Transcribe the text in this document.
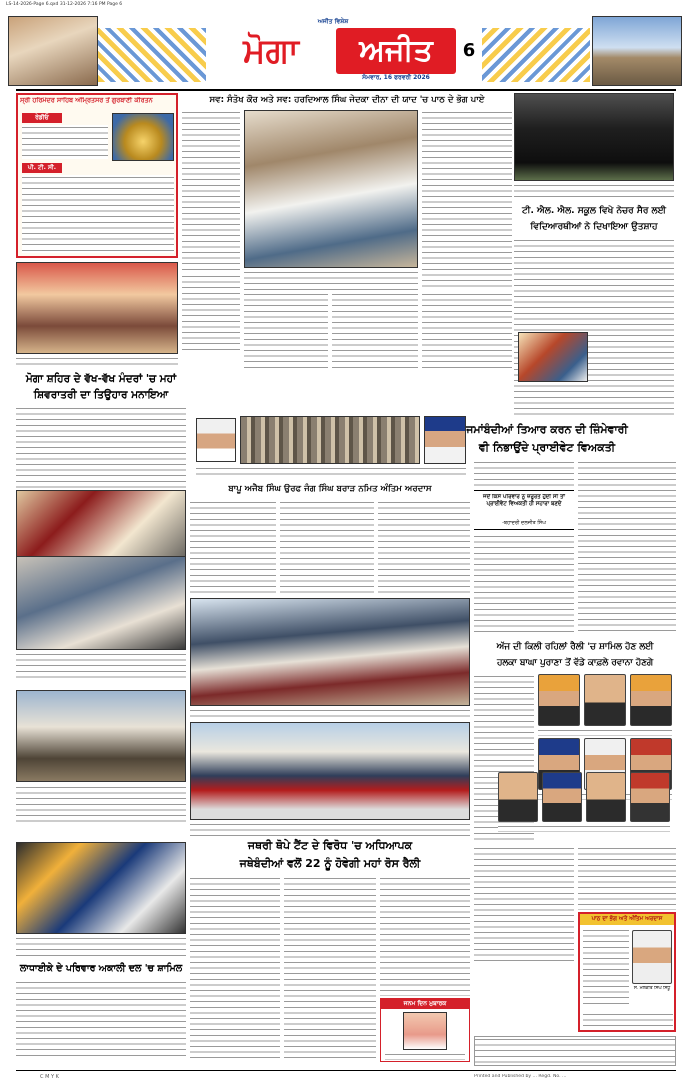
LS-14-2026-Page 6.qxd 31-12-2026 7:16 PM Page 6
ਅਜੀਤ ਵਿਸ਼ੇਸ਼
ਮੋਗਾ	ਅਜੀਤ
ਸੋਮਵਾਰ, 16 ਫਰਵਰੀ 2026
6
ਸ੍ਰੀ ਹਰਿਮੰਦਰ ਸਾਹਿਬ ਅੰਮ੍ਰਿਤਸਰ ਤੋਂ ਗੁਰਬਾਣੀ ਕੀਰਤਨ
ਰੇਡੀਓ
ਪੀ. ਟੀ. ਸੀ.
ਮੋਗਾ ਸ਼ਹਿਰ ਦੇ ਵੱਖ-ਵੱਖ ਮੰਦਰਾਂ 'ਚ ਮਹਾਂ
ਸ਼ਿਵਰਾਤਰੀ ਦਾ ਤਿਉਹਾਰ ਮਨਾਇਆ
ਲਾਧਾਈਕੇ ਦੇ ਪਰਿਵਾਰ ਅਕਾਲੀ ਦਲ 'ਚ ਸ਼ਾਮਿਲ
ਸਵ: ਸੰਤੋਖ ਕੌਰ ਅਤੇ ਸਵ: ਹਰਦਿਆਲ ਸਿੰਘ ਜੇਦਕਾ ਦੀਨਾ ਦੀ ਯਾਦ 'ਚ ਪਾਠ ਦੇ ਭੋਗ ਪਾਏ
ਟੀ. ਐਲ. ਐਲ. ਸਕੂਲ ਵਿਖੇ ਨੇਚਰ ਸੈਰ ਲਈ
ਵਿਦਿਆਰਥੀਆਂ ਨੇ ਦਿਖਾਇਆ ਉਤਸ਼ਾਹ
ਬਾਪੂ ਅਜੈਬ ਸਿੰਘ ਉਰਫ ਜੰਗ ਸਿੰਘ ਬਰਾੜ ਨਮਿਤ ਅੰਤਿਮ ਅਰਦਾਸ
ਜਥਰੀ ਥੋਪੇ ਟੈਂਟ ਦੇ ਵਿਰੋਧ 'ਚ ਅਧਿਆਪਕ
ਜਥੇਬੰਦੀਆਂ ਵਲੋਂ 22 ਨੂੰ ਹੋਵੇਗੀ ਮਹਾਂ ਰੋਸ ਰੈਲੀ
ਜਨਮ ਦਿਨ ਮੁਬਾਰਕ
ਜਮਾਂਬੰਦੀਆਂ ਤਿਆਰ ਕਰਨ ਦੀ ਜ਼ਿੰਮੇਵਾਰੀ
ਵੀ ਨਿਭਾਉਂਦੇ ਪ੍ਰਾਈਵੇਟ ਵਿਅਕਤੀ
ਜਦੋਂ ਕਿਸੇ ਪਰਿਵਾਰ ਨੂੰ ਜ਼ਰੂਰਤ ਹੁੰਦੀ ਸੀ ਤਾਂ ਪ੍ਰਾਈਵੇਟ ਵਿਅਕਤੀ ਹੀ ਸਹਾਰਾ ਬਣਦੇ
-ਬਹਾਦਰੀ ਦਲਜੀਤ ਸਿੰਘ
ਅੱਜ ਦੀ ਕਿਲੀ ਰਹਿਲਾਂ ਰੈਲੀ 'ਚ ਸ਼ਾਮਿਲ ਹੋਣ ਲਈ
ਹਲਕਾ ਬਾਘਾ ਪੁਰਾਣਾ ਤੋਂ ਵੱਡੇ ਕਾਫ਼ਲੇ ਰਵਾਨਾ ਹੋਣਗੇ
ਪਾਠ ਦਾ ਭੋਗ ਅਤੇ ਅੰਤਿਮ ਅਰਦਾਸ
ਸ. ਮਲਕੀਤ ਸਿੰਘ ਸਿੱਧੂ
C M Y K	Printed and Published by ... Regd. No. ...
